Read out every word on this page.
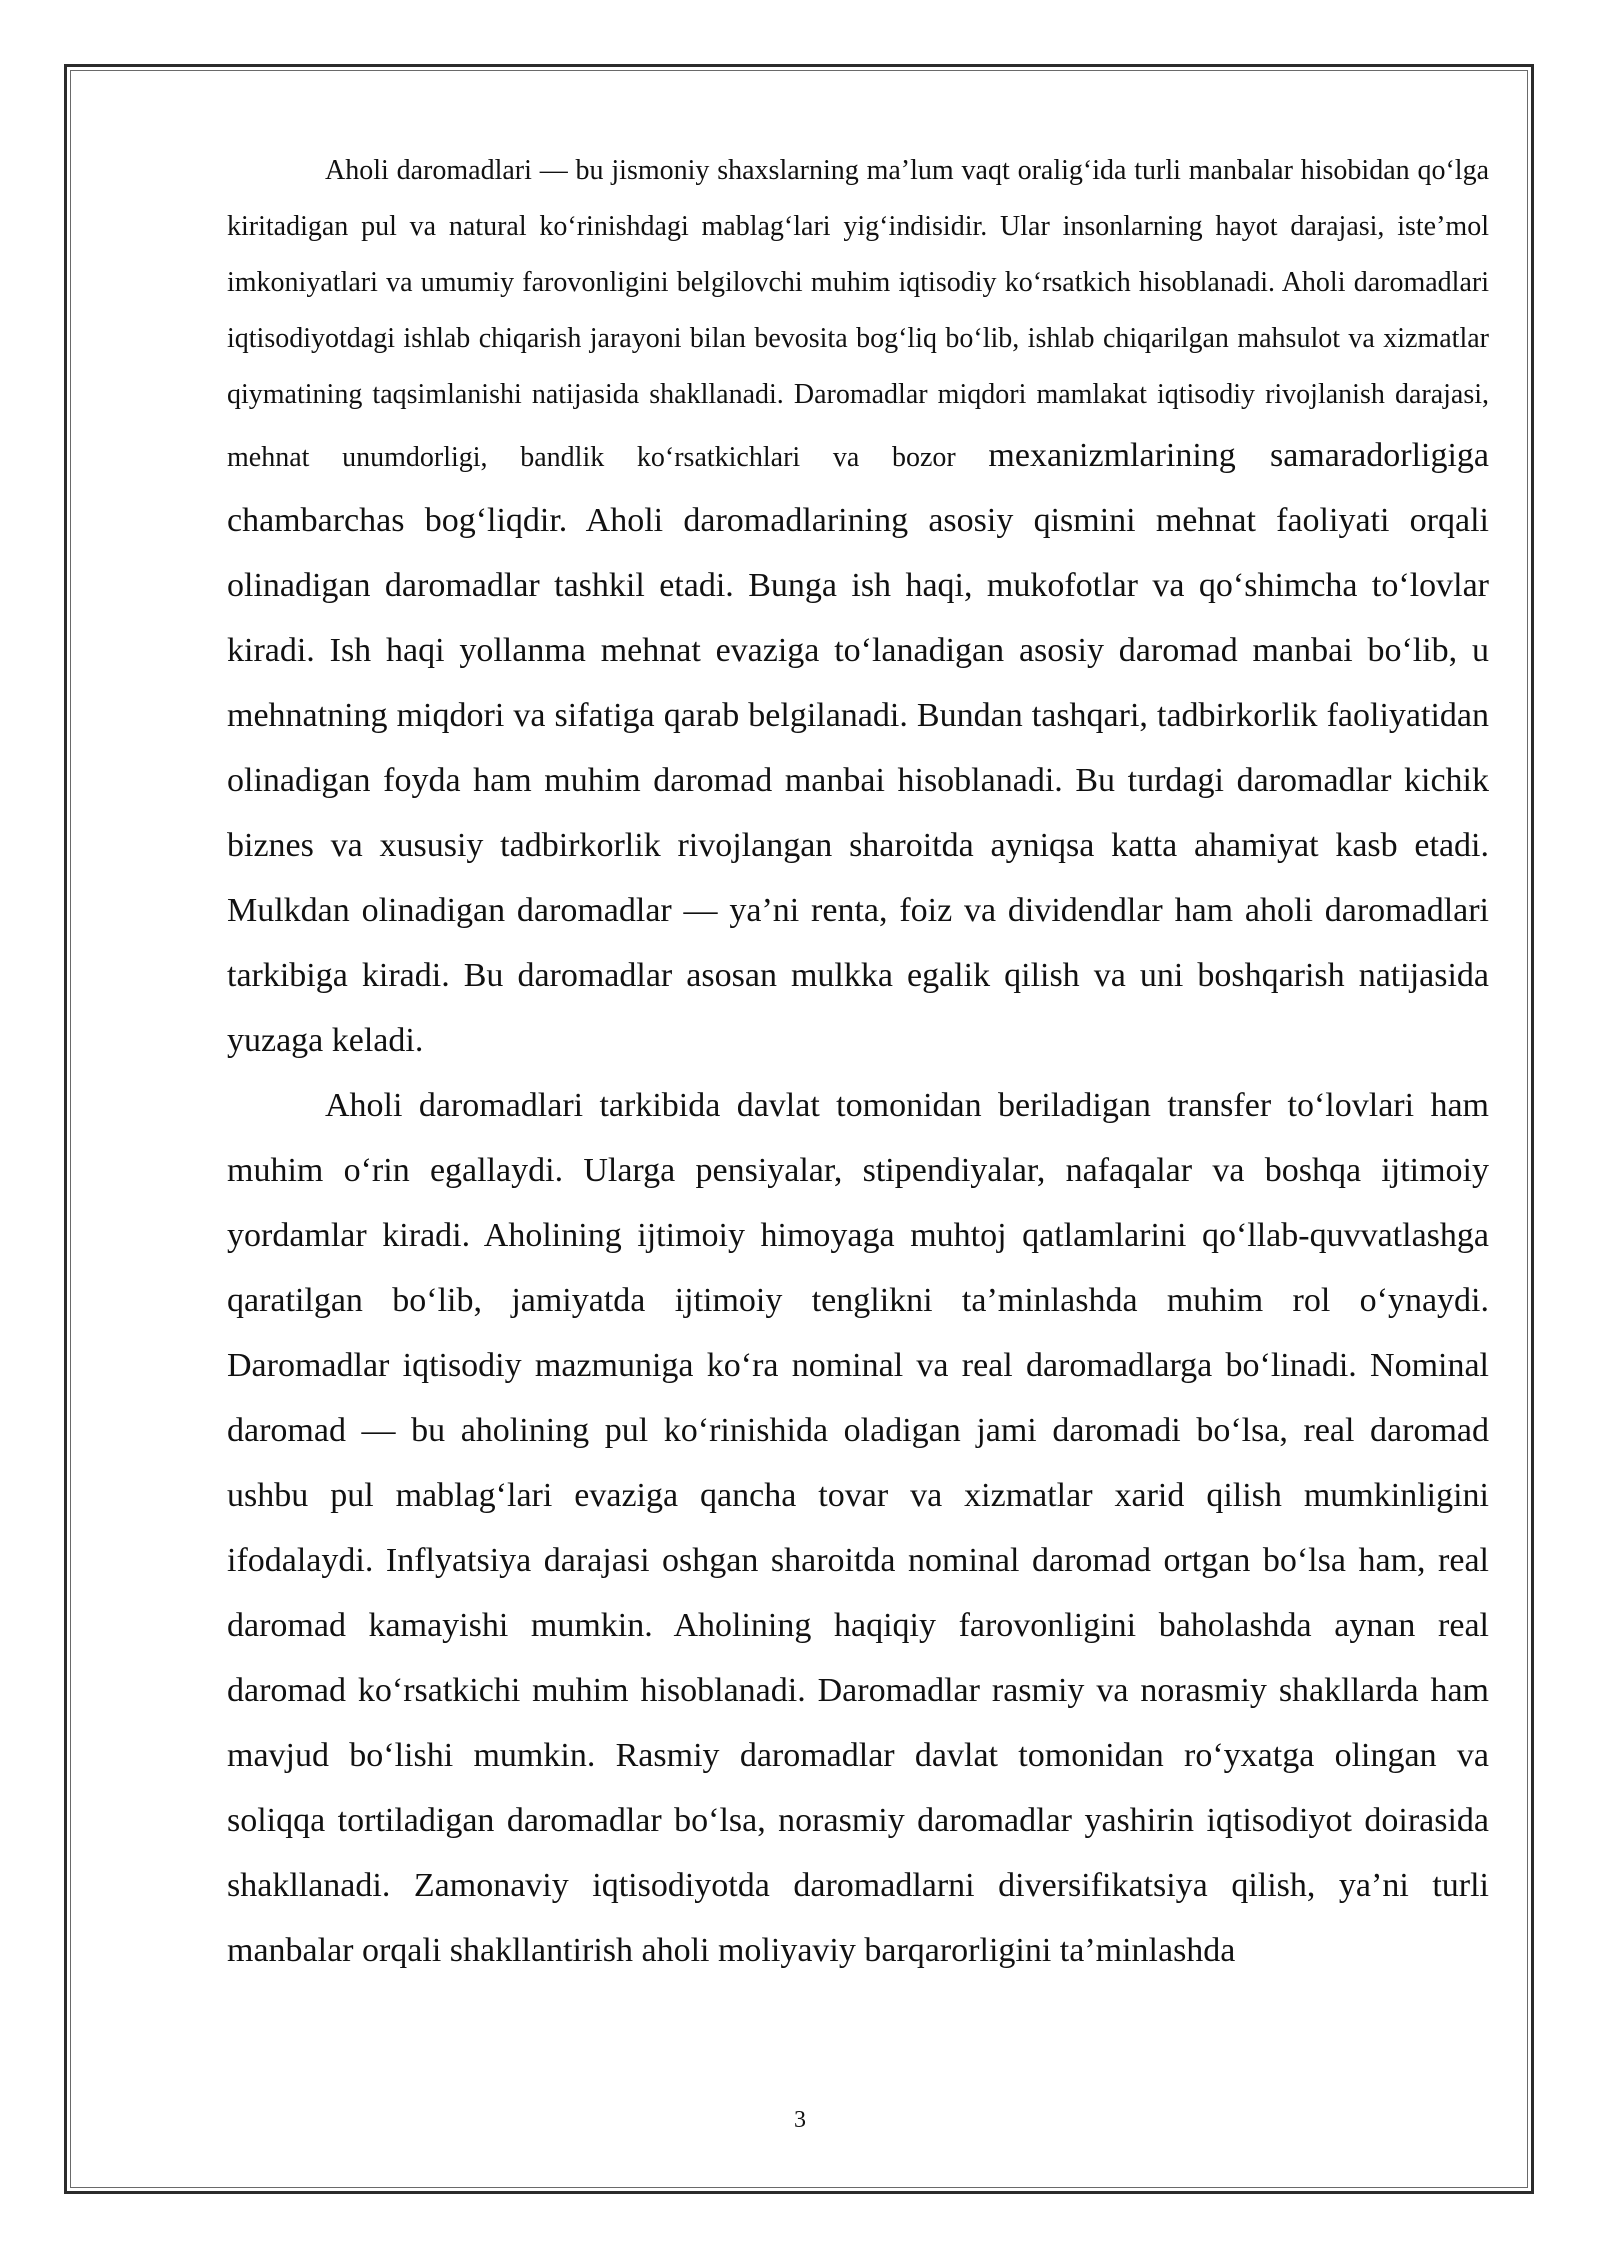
Aholi daromadlari — bu jismoniy shaxslarning ma’lum vaqt oralig‘ida turli manbalar hisobidan qo‘lga kiritadigan pul va natural ko‘rinishdagi mablag‘lari yig‘indisidir. Ular insonlarning hayot darajasi, iste’mol imkoniyatlari va umumiy farovonligini belgilovchi muhim iqtisodiy ko‘rsatkich hisoblanadi. Aholi daromadlari iqtisodiyotdagi ishlab chiqarish jarayoni bilan bevosita bog‘liq bo‘lib, ishlab chiqarilgan mahsulot va xizmatlar qiymatining taqsimlanishi natijasida shakllanadi. Daromadlar miqdori mamlakat iqtisodiy rivojlanish darajasi, mehnat unumdorligi, bandlik ko‘rsatkichlari va bozor mexanizmlarining samaradorligiga chambarchas bog‘liqdir. Aholi daromadlarining asosiy qismini mehnat faoliyati orqali olinadigan daromadlar tashkil etadi. Bunga ish haqi, mukofotlar va qo‘shimcha to‘lovlar kiradi. Ish haqi yollanma mehnat evaziga to‘lanadigan asosiy daromad manbai bo‘lib, u mehnatning miqdori va sifatiga qarab belgilanadi. Bundan tashqari, tadbirkorlik faoliyatidan olinadigan foyda ham muhim daromad manbai hisoblanadi. Bu turdagi daromadlar kichik biznes va xususiy tadbirkorlik rivojlangan sharoitda ayniqsa katta ahamiyat kasb etadi. Mulkdan olinadigan daromadlar — ya’ni renta, foiz va dividendlar ham aholi daromadlari tarkibiga kiradi. Bu daromadlar asosan mulkka egalik qilish va uni boshqarish natijasida yuzaga keladi.

Aholi daromadlari tarkibida davlat tomonidan beriladigan transfer to‘lovlari ham muhim o‘rin egallaydi. Ularga pensiyalar, stipendiyalar, nafaqalar va boshqa ijtimoiy yordamlar kiradi. Aholining ijtimoiy himoyaga muhtoj qatlamlarini qo‘llab-quvvatlashga qaratilgan bo‘lib, jamiyatda ijtimoiy tenglikni ta’minlashda muhim rol o‘ynaydi. Daromadlar iqtisodiy mazmuniga ko‘ra nominal va real daromadlarga bo‘linadi. Nominal daromad — bu aholining pul ko‘rinishida oladigan jami daromadi bo‘lsa, real daromad ushbu pul mablag‘lari evaziga qancha tovar va xizmatlar xarid qilish mumkinligini ifodalaydi. Inflyatsiya darajasi oshgan sharoitda nominal daromad ortgan bo‘lsa ham, real daromad kamayishi mumkin. Aholining haqiqiy farovonligini baholashda aynan real daromad ko‘rsatkichi muhim hisoblanadi. Daromadlar rasmiy va norasmiy shakllarda ham mavjud bo‘lishi mumkin. Rasmiy daromadlar davlat tomonidan ro‘yxatga olingan va soliqqa tortiladigan daromadlar bo‘lsa, norasmiy daromadlar yashirin iqtisodiyot doirasida shakllanadi. Zamonaviy iqtisodiyotda daromadlarni diversifikatsiya qilish, ya’ni turli manbalar orqali shakllantirish aholi moliyaviy barqarorligini ta’minlashda

3
